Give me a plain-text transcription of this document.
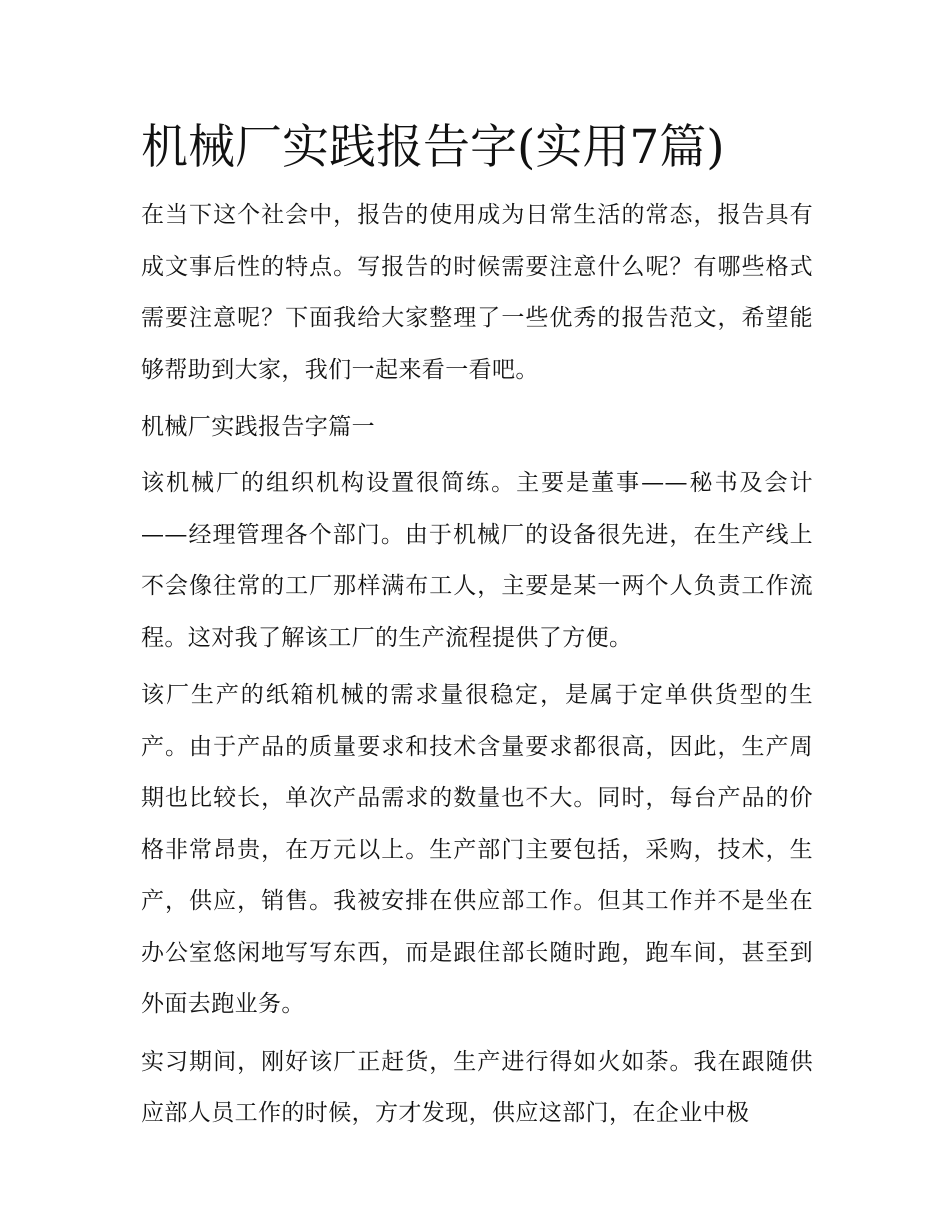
机械厂实践报告字(实用7篇)

在当下这个社会中，报告的使用成为日常生活的常态，报告具有成文事后性的特点。写报告的时候需要注意什么呢？有哪些格式需要注意呢？下面我给大家整理了一些优秀的报告范文，希望能够帮助到大家，我们一起来看一看吧。

机械厂实践报告字篇一

该机械厂的组织机构设置很简练。主要是董事——秘书及会计——经理管理各个部门。由于机械厂的设备很先进，在生产线上不会像往常的工厂那样满布工人，主要是某一两个人负责工作流程。这对我了解该工厂的生产流程提供了方便。

该厂生产的纸箱机械的需求量很稳定，是属于定单供货型的生产。由于产品的质量要求和技术含量要求都很高，因此，生产周期也比较长，单次产品需求的数量也不大。同时，每台产品的价格非常昂贵，在万元以上。生产部门主要包括，采购，技术，生产，供应，销售。我被安排在供应部工作。但其工作并不是坐在办公室悠闲地写写东西，而是跟住部长随时跑，跑车间，甚至到外面去跑业务。

实习期间，刚好该厂正赶货，生产进行得如火如荼。我在跟随供应部人员工作的时候，方才发现，供应这部门，在企业中极
